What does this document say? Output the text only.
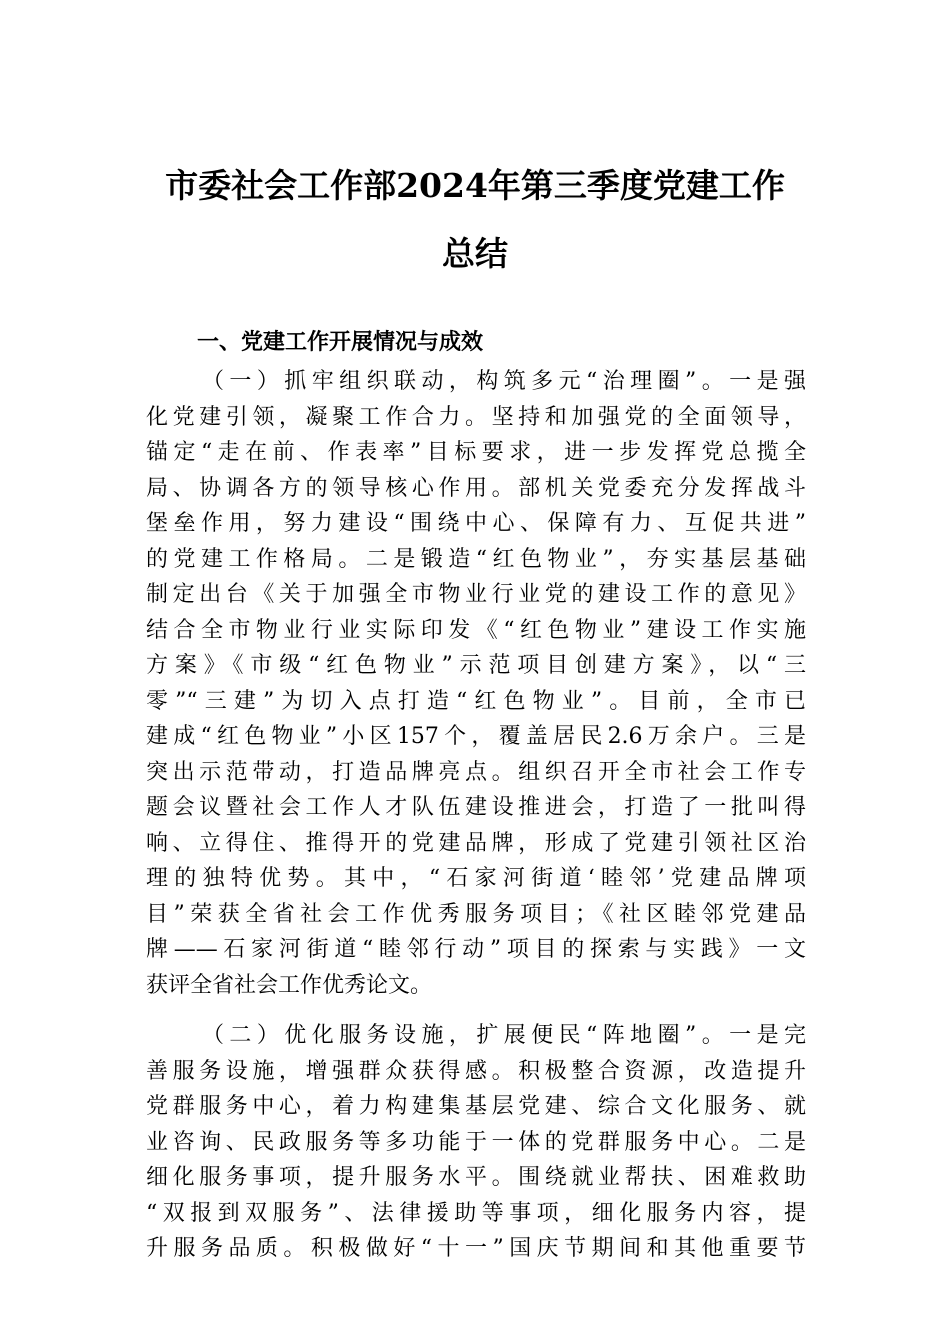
市委社会工作部2024年第三季度党建工作
总结
一、党建工作开展情况与成效
（一）抓牢组织联动，构筑多元“治理圈”。一是强
化党建引领，凝聚工作合力。坚持和加强党的全面领导，
锚定“走在前、作表率”目标要求，进一步发挥党总揽全
局、协调各方的领导核心作用。部机关党委充分发挥战斗
堡垒作用，努力建设“围绕中心、保障有力、互促共进”
的党建工作格局。二是锻造“红色物业”，夯实基层基础
制定出台《关于加强全市物业行业党的建设工作的意见》
结合全市物业行业实际印发《“红色物业”建设工作实施
方案》《市级“红色物业”示范项目创建方案》，以“三
零”“三建”为切入点打造“红色物业”。目前，全市已
建成“红色物业”小区157个，覆盖居民2.6万余户。三是
突出示范带动，打造品牌亮点。组织召开全市社会工作专
题会议暨社会工作人才队伍建设推进会，打造了一批叫得
响、立得住、推得开的党建品牌，形成了党建引领社区治
理的独特优势。其中，“石家河街道‘睦邻’党建品牌项
目”荣获全省社会工作优秀服务项目；《社区睦邻党建品
牌——石家河街道“睦邻行动”项目的探索与实践》一文
获评全省社会工作优秀论文。
（二）优化服务设施，扩展便民“阵地圈”。一是完
善服务设施，增强群众获得感。积极整合资源，改造提升
党群服务中心，着力构建集基层党建、综合文化服务、就
业咨询、民政服务等多功能于一体的党群服务中心。二是
细化服务事项，提升服务水平。围绕就业帮扶、困难救助
“双报到双服务”、法律援助等事项，细化服务内容，提
升服务品质。积极做好“十一”国庆节期间和其他重要节
